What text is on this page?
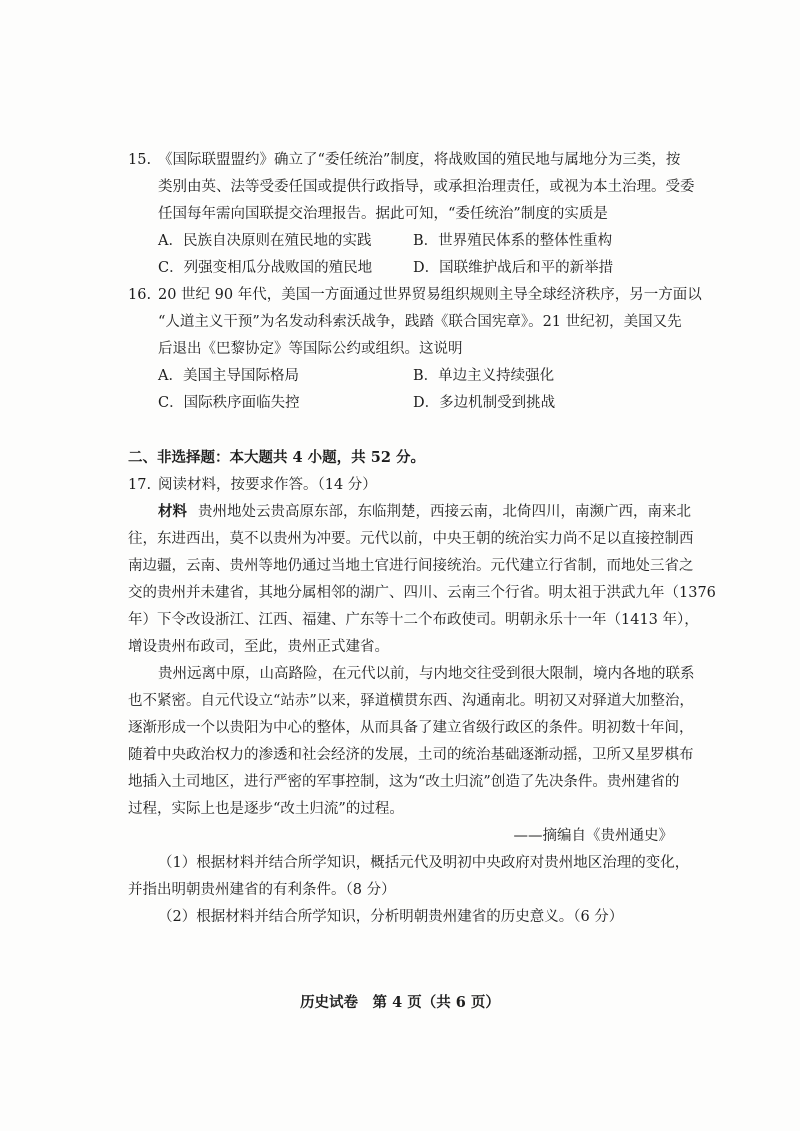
15. 《国际联盟盟约》确立了“委任统治”制度，将战败国的殖民地与属地分为三类，按
类别由英、法等受委任国或提供行政指导，或承担治理责任，或视为本土治理。受委
任国每年需向国联提交治理报告。据此可知，“委任统治”制度的实质是
A．民族自决原则在殖民地的实践	B．世界殖民体系的整体性重构
C．列强变相瓜分战败国的殖民地	D．国联维护战后和平的新举措
16. 20 世纪 90 年代，美国一方面通过世界贸易组织规则主导全球经济秩序，另一方面以
“人道主义干预”为名发动科索沃战争，践踏《联合国宪章》。21 世纪初，美国又先
后退出《巴黎协定》等国际公约或组织。这说明
A．美国主导国际格局	B．单边主义持续强化
C．国际秩序面临失控	D．多边机制受到挑战
二、非选择题：本大题共 4 小题，共 52 分。
17. 阅读材料，按要求作答。（14 分）
材料 贵州地处云贵高原东部，东临荆楚，西接云南，北倚四川，南濒广西，南来北
往，东进西出，莫不以贵州为冲要。元代以前，中央王朝的统治实力尚不足以直接控制西
南边疆，云南、贵州等地仍通过当地土官进行间接统治。元代建立行省制，而地处三省之
交的贵州并未建省，其地分属相邻的湖广、四川、云南三个行省。明太祖于洪武九年（1376
年）下令改设浙江、江西、福建、广东等十二个布政使司。明朝永乐十一年（1413 年），
增设贵州布政司，至此，贵州正式建省。
贵州远离中原，山高路险，在元代以前，与内地交往受到很大限制，境内各地的联系
也不紧密。自元代设立“站赤”以来，驿道横贯东西、沟通南北。明初又对驿道大加整治，
逐渐形成一个以贵阳为中心的整体，从而具备了建立省级行政区的条件。明初数十年间，
随着中央政治权力的渗透和社会经济的发展，土司的统治基础逐渐动摇，卫所又星罗棋布
地插入土司地区，进行严密的军事控制，这为“改土归流”创造了先决条件。贵州建省的
过程，实际上也是逐步“改土归流”的过程。
——摘编自《贵州通史》
（1）根据材料并结合所学知识，概括元代及明初中央政府对贵州地区治理的变化，
并指出明朝贵州建省的有利条件。（8 分）
（2）根据材料并结合所学知识，分析明朝贵州建省的历史意义。（6 分）
历史试卷　第 4 页（共 6 页）
